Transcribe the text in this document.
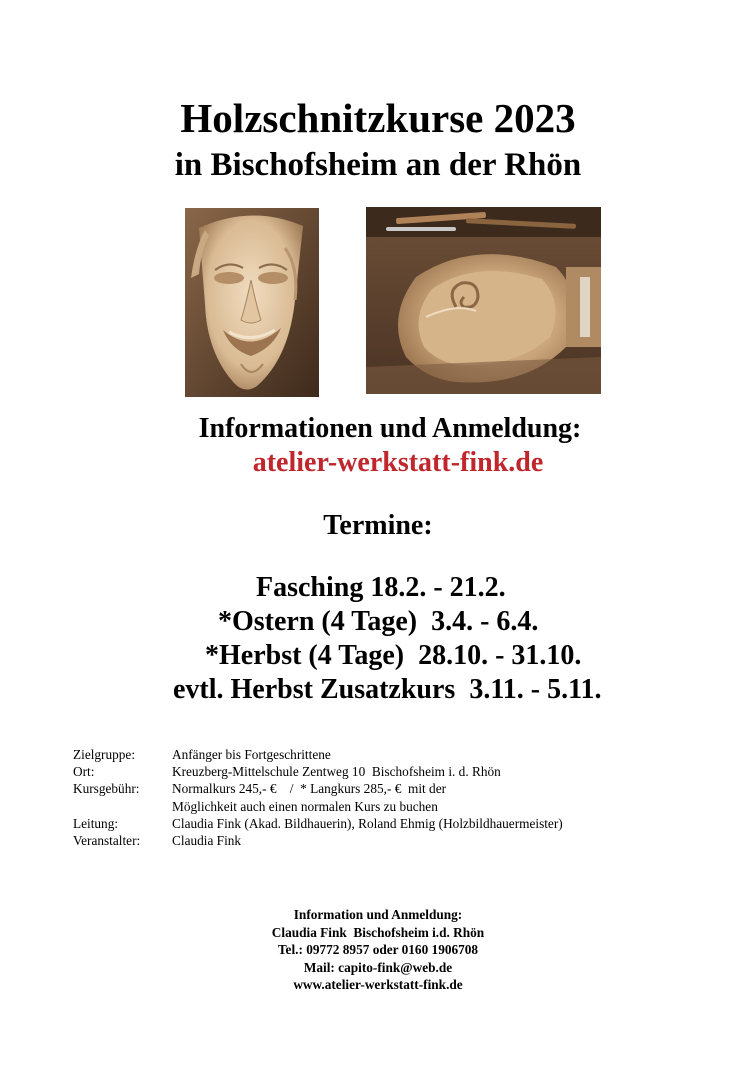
Holzschnitzkurse 2023
in Bischofsheim an der Rhön
Informationen und Anmeldung:
atelier-werkstatt-fink.de
Termine:
Fasching 18.2. - 21.2.
*Ostern (4 Tage)  3.4. - 6.4.
*Herbst (4 Tage)  28.10. - 31.10.
evtl. Herbst Zusatzkurs  3.11. - 5.11.
Zielgruppe:	Anfänger bis Fortgeschrittene
Ort:	Kreuzberg-Mittelschule Zentweg 10  Bischofsheim i. d. Rhön
Kursgebühr:	Normalkurs 245,- €    /  * Langkurs 285,- €  mit der
Möglichkeit auch einen normalen Kurs zu buchen
Leitung:	Claudia Fink (Akad. Bildhauerin), Roland Ehmig (Holzbildhauermeister)
Veranstalter:	Claudia Fink
Information und Anmeldung:
Claudia Fink  Bischofsheim i.d. Rhön
Tel.: 09772 8957 oder 0160 1906708
Mail: capito-fink@web.de
www.atelier-werkstatt-fink.de
